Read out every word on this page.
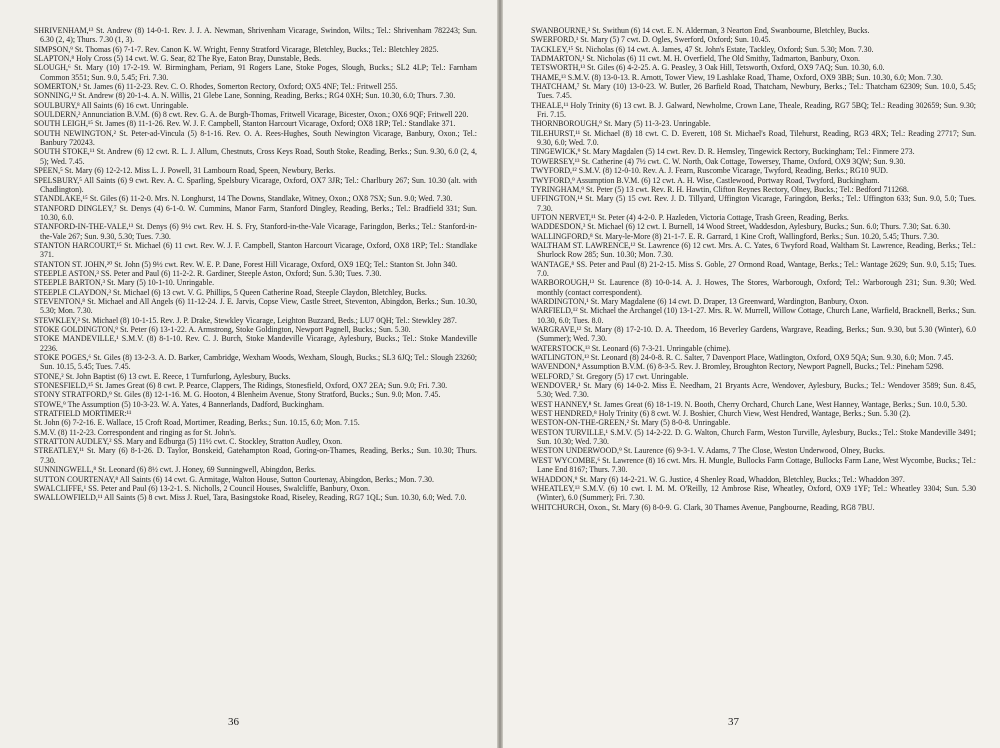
SHRIVENHAM,¹³ St. Andrew (8) 14-0-1. Rev. J. J. A. Newman, Shrivenham Vicarage, Swindon, Wilts.; Tel.: Shrivenham 782243; Sun. 6.30 (2, 4); Thurs. 7.30 (1, 3).

SIMPSON,⁹ St. Thomas (6) 7-1-7. Rev. Canon K. W. Wright, Fenny Stratford Vicarage, Bletchley, Bucks.; Tel.: Bletchley 2825.

SLAPTON,⁸ Holy Cross (5) 14 cwt. W. G. Sear, 82 The Rye, Eaton Bray, Dunstable, Beds.

SLOUGH,⁶ St. Mary (10) 17-2-19. W. Birmingham, Periam, 91 Rogers Lane, Stoke Poges, Slough, Bucks.; SL2 4LP; Tel.: Farnham Common 3551; Sun. 9.0, 5.45; Fri. 7.30.

SOMERTON,¹ St. James (6) 11-2-23. Rev. C. O. Rhodes, Somerton Rectory, Oxford; OX5 4NF; Tel.: Fritwell 255.

SONNING,¹² St. Andrew (8) 20-1-4. A. N. Willis, 21 Glebe Lane, Sonning, Reading, Berks.; RG4 0XH; Sun. 10.30, 6.0; Thurs. 7.30.

SOULBURY,⁸ All Saints (6) 16 cwt. Unringable.

SOULDERN,² Annunciation B.V.M. (6) 8 cwt. Rev. G. A. de Burgh-Thomas, Fritwell Vicarage, Bicester, Oxon.; OX6 9QF; Fritwell 220.

SOUTH LEIGH,¹⁵ St. James (8) 11-1-26. Rev. W. J. F. Campbell, Stanton Harcourt Vicarage, Oxford; OX8 1RP; Tel.: Standlake 371.

SOUTH NEWINGTON,² St. Peter-ad-Vincula (5) 8-1-16. Rev. O. A. Rees-Hughes, South Newington Vicarage, Banbury, Oxon.; Tel.: Banbury 720243.

SOUTH STOKE,¹¹ St. Andrew (6) 12 cwt. R. L. J. Allum, Chestnuts, Cross Keys Road, South Stoke, Reading, Berks.; Sun. 9.30, 6.0 (2, 4, 5); Wed. 7.45.

SPEEN,⁵ St. Mary (6) 12-2-12. Miss L. J. Powell, 31 Lambourn Road, Speen, Newbury, Berks.

SPELSBURY,⁵ All Saints (6) 9 cwt. Rev. A. C. Sparling, Spelsbury Vicarage, Oxford, OX7 3JR; Tel.: Charlbury 267; Sun. 10.30 (alt. with Chadlington).

STANDLAKE,¹⁵ St. Giles (6) 11-2-0. Mrs. N. Longhurst, 14 The Downs, Standlake, Witney, Oxon.; OX8 7SX; Sun. 9.0; Wed. 7.30.

STANFORD DINGLEY,⁷ St. Denys (4) 6-1-0. W. Cummins, Manor Farm, Stanford Dingley, Reading, Berks.; Tel.: Bradfield 331; Sun. 10.30, 6.0.

STANFORD-IN-THE-VALE,¹³ St. Denys (6) 9½ cwt. Rev. H. S. Fry, Stanford-in-the-Vale Vicarage, Faringdon, Berks.; Tel.: Stanford-in-the-Vale 267; Sun. 9.30, 5.30; Tues. 7.30.

STANTON HARCOURT,¹⁵ St. Michael (6) 11 cwt. Rev. W. J. F. Campbell, Stanton Harcourt Vicarage, Oxford, OX8 1RP; Tel.: Standlake 371.

STANTON ST. JOHN,²⁰ St. John (5) 9½ cwt. Rev. W. E. P. Dane, Forest Hill Vicarage, Oxford, OX9 1EQ; Tel.: Stanton St. John 340.

STEEPLE ASTON,³ SS. Peter and Paul (6) 11-2-2. R. Gardiner, Steeple Aston, Oxford; Sun. 5.30; Tues. 7.30.

STEEPLE BARTON,³ St. Mary (5) 10-1-10. Unringable.

STEEPLE CLAYDON,³ St. Michael (6) 13 cwt. V. G. Phillips, 5 Queen Catherine Road, Steeple Claydon, Bletchley, Bucks.

STEVENTON,⁸ St. Michael and All Angels (6) 11-12-24. J. E. Jarvis, Copse View, Castle Street, Steventon, Abingdon, Berks.; Sun. 10.30, 5.30; Mon. 7.30.

STEWKLEY,³ St. Michael (8) 10-1-15. Rev. J. P. Drake, Stewkley Vicarage, Leighton Buzzard, Beds.; LU7 0QH; Tel.: Stewkley 287.

STOKE GOLDINGTON,⁹ St. Peter (6) 13-1-22. A. Armstrong, Stoke Goldington, Newport Pagnell, Bucks.; Sun. 5.30.

STOKE MANDEVILLE,¹ S.M.V. (8) 8-1-10. Rev. C. J. Burch, Stoke Mandeville Vicarage, Aylesbury, Bucks.; Tel.: Stoke Mandeville 2236.

STOKE POGES,⁶ St. Giles (8) 13-2-3. A. D. Barker, Cambridge, Wexham Woods, Wexham, Slough, Bucks.; SL3 6JQ; Tel.: Slough 23260; Sun. 10.15, 5.45; Tues. 7.45.

STONE,² St. John Baptist (6) 13 cwt. E. Reece, 1 Turnfurlong, Aylesbury, Bucks.

STONESFIELD,¹⁵ St. James Great (6) 8 cwt. P. Pearce, Clappers, The Ridings, Stonesfield, Oxford, OX7 2EA; Sun. 9.0; Fri. 7.30.

STONY STRATFORD,⁹ St. Giles (8) 12-1-16. M. G. Hooton, 4 Blenheim Avenue, Stony Stratford, Bucks.; Sun. 9.0; Mon. 7.45.

STOWE,⁹ The Assumption (5) 10-3-23. W. A. Yates, 4 Bannerlands, Dadford, Buckingham.

STRATFIELD MORTIMER:¹¹

St. John (6) 7-2-16. E. Wallace, 15 Croft Road, Mortimer, Reading, Berks.; Sun. 10.15, 6.0; Mon. 7.15.

S.M.V. (8) 11-2-23. Correspondent and ringing as for St. John's.

STRATTON AUDLEY,² SS. Mary and Edburga (5) 11½ cwt. C. Stockley, Stratton Audley, Oxon.

STREATLEY,¹¹ St. Mary (6) 8-1-26. D. Taylor, Bonskeid, Gatehampton Road, Goring-on-Thames, Reading, Berks.; Sun. 10.30; Thurs. 7.30.

SUNNINGWELL,⁸ St. Leonard (6) 8½ cwt. J. Honey, 69 Sunningwell, Abingdon, Berks.

SUTTON COURTENAY,⁸ All Saints (6) 14 cwt. G. Armitage, Walton House, Sutton Courtenay, Abingdon, Berks.; Mon. 7.30.

SWALCLIFFE,¹ SS. Peter and Paul (6) 13-2-1. S. Nicholls, 2 Council Houses, Swalcliffe, Banbury, Oxon.

SWALLOWFIELD,¹¹ All Saints (5) 8 cwt. Miss J. Ruel, Tara, Basingstoke Road, Riseley, Reading, RG7 1QL; Sun. 10.30, 6.0; Wed. 7.0.

36

SWANBOURNE,³ St. Swithun (6) 14 cwt. E. N. Alderman, 3 Nearton End, Swanbourne, Bletchley, Bucks.

SWERFORD,¹ St. Mary (5) 7 cwt. D. Ogles, Swerford, Oxford; Sun. 10.45.

TACKLEY,¹⁵ St. Nicholas (6) 14 cwt. A. James, 47 St. John's Estate, Tackley, Oxford; Sun. 5.30; Mon. 7.30.

TADMARTON,¹ St. Nicholas (6) 11 cwt. M. H. Overfield, The Old Smithy, Tadmarton, Banbury, Oxon.

TETSWORTH,¹³ St. Giles (6) 4-2-25. A. G. Peasley, 3 Oak Hill, Tetsworth, Oxford, OX9 7AQ; Sun. 10.30, 6.0.

THAME,¹³ S.M.V. (8) 13-0-13. R. Arnott, Tower View, 19 Lashlake Road, Thame, Oxford, OX9 3BB; Sun. 10.30, 6.0; Mon. 7.30.

THATCHAM,⁷ St. Mary (10) 13-0-23. W. Butler, 26 Barfield Road, Thatcham, Newbury, Berks.; Tel.: Thatcham 62309; Sun. 10.0, 5.45; Tues. 7.45.

THEALE,¹¹ Holy Trinity (6) 13 cwt. B. J. Galward, Newholme, Crown Lane, Theale, Reading, RG7 5BQ; Tel.: Reading 302659; Sun. 9.30; Fri. 7.15.

THORNBOROUGH,⁹ St. Mary (5) 11-3-23. Unringable.

TILEHURST,¹¹ St. Michael (8) 18 cwt. C. D. Everett, 108 St. Michael's Road, Tilehurst, Reading, RG3 4RX; Tel.: Reading 27717; Sun. 9.30, 6.0; Wed. 7.0.

TINGEWICK,⁹ St. Mary Magdalen (5) 14 cwt. Rev. D. R. Hemsley, Tingewick Rectory, Buckingham; Tel.: Finmere 273.

TOWERSEY,¹³ St. Catherine (4) 7½ cwt. C. W. North, Oak Cottage, Towersey, Thame, Oxford, OX9 3QW; Sun. 9.30.

TWYFORD,¹² S.M.V. (8) 12-0-10. Rev. A. J. Fearn, Ruscombe Vicarage, Twyford, Reading, Berks.; RG10 9UD.

TWYFORD,⁹ Assumption B.V.M. (6) 12 cwt. A. H. Wise, Castlewood, Portway Road, Twyford, Buckingham.

TYRINGHAM,⁹ St. Peter (5) 13 cwt. Rev. R. H. Hawtin, Clifton Reynes Rectory, Olney, Bucks.; Tel.: Bedford 711268.

UFFINGTON,¹⁴ St. Mary (5) 15 cwt. Rev. J. D. Tillyard, Uffington Vicarage, Faringdon, Berks.; Tel.: Uffington 633; Sun. 9.0, 5.0; Tues. 7.30.

UFTON NERVET,¹¹ St. Peter (4) 4-2-0. P. Hazleden, Victoria Cottage, Trash Green, Reading, Berks.

WADDESDON,³ St. Michael (6) 12 cwt. I. Burnell, 14 Wood Street, Waddesdon, Aylesbury, Bucks.; Sun. 6.0; Thurs. 7.30; Sat. 6.30.

WALLINGFORD,⁸ St. Mary-le-More (8) 21-1-7. E. R. Garrard, 1 Kine Croft, Wallingford, Berks.; Sun. 10.20, 5.45; Thurs. 7.30.

WALTHAM ST. LAWRENCE,¹² St. Lawrence (6) 12 cwt. Mrs. A. C. Yates, 6 Twyford Road, Waltham St. Lawrence, Reading, Berks.; Tel.: Shurlock Row 285; Sun. 10.30; Mon. 7.30.

WANTAGE,⁸ SS. Peter and Paul (8) 21-2-15. Miss S. Goble, 27 Ormond Road, Wantage, Berks.; Tel.: Wantage 2629; Sun. 9.0, 5.15; Tues. 7.0.

WARBOROUGH,¹³ St. Laurence (8) 10-0-14. A. J. Howes, The Stores, Warborough, Oxford; Tel.: Warborough 231; Sun. 9.30; Wed. monthly (contact correspondent).

WARDINGTON,¹ St. Mary Magdalene (6) 14 cwt. D. Draper, 13 Greenward, Wardington, Banbury, Oxon.

WARFIELD,¹² St. Michael the Archangel (10) 13-1-27. Mrs. R. W. Murrell, Willow Cottage, Church Lane, Warfield, Bracknell, Berks.; Sun. 10.30, 6.0; Tues. 8.0.

WARGRAVE,¹² St. Mary (8) 17-2-10. D. A. Theedom, 16 Beverley Gardens, Wargrave, Reading, Berks.; Sun. 9.30, but 5.30 (Winter), 6.0 (Summer); Wed. 7.30.

WATERSTOCK,¹³ St. Leonard (6) 7-3-21. Unringable (chime).

WATLINGTON,¹³ St. Leonard (8) 24-0-8. R. C. Salter, 7 Davenport Place, Watlington, Oxford, OX9 5QA; Sun. 9.30, 6.0; Mon. 7.45.

WAVENDON,⁹ Assumption B.V.M. (6) 8-3-5. Rev. J. Bromley, Broughton Rectory, Newport Pagnell, Bucks.; Tel.: Pineham 5298.

WELFORD,⁷ St. Gregory (5) 17 cwt. Unringable.

WENDOVER,¹ St. Mary (6) 14-0-2. Miss E. Needham, 21 Bryants Acre, Wendover, Aylesbury, Bucks.; Tel.: Wendover 3589; Sun. 8.45, 5.30; Wed. 7.30.

WEST HANNEY,⁸ St. James Great (6) 18-1-19. N. Booth, Cherry Orchard, Church Lane, West Hanney, Wantage, Berks.; Sun. 10.0, 5.30.

WEST HENDRED,⁸ Holy Trinity (6) 8 cwt. W. J. Boshier, Church View, West Hendred, Wantage, Berks.; Sun. 5.30 (2).

WESTON-ON-THE-GREEN,² St. Mary (5) 8-0-8. Unringable.

WESTON TURVILLE,¹ S.M.V. (5) 14-2-22. D. G. Walton, Church Farm, Weston Turville, Aylesbury, Bucks.; Tel.: Stoke Mandeville 3491; Sun. 10.30; Wed. 7.30.

WESTON UNDERWOOD,⁹ St. Laurence (6) 9-3-1. V. Adams, 7 The Close, Weston Underwood, Olney, Bucks.

WEST WYCOMBE,⁶ St. Lawrence (8) 16 cwt. Mrs. H. Mungle, Bullocks Farm Cottage, Bullocks Farm Lane, West Wycombe, Bucks.; Tel.: Lane End 8167; Thurs. 7.30.

WHADDON,⁹ St. Mary (6) 14-2-21. W. G. Justice, 4 Shenley Road, Whaddon, Bletchley, Bucks.; Tel.: Whaddon 397.

WHEATLEY,¹³ S.M.V. (6) 10 cwt. I. M. M. O'Reilly, 12 Ambrose Rise, Wheatley, Oxford, OX9 1YF; Tel.: Wheatley 3304; Sun. 5.30 (Winter), 6.0 (Summer); Fri. 7.30.

WHITCHURCH, Oxon., St. Mary (6) 8-0-9. G. Clark, 30 Thames Avenue, Pangbourne, Reading, RG8 7BU.

37
